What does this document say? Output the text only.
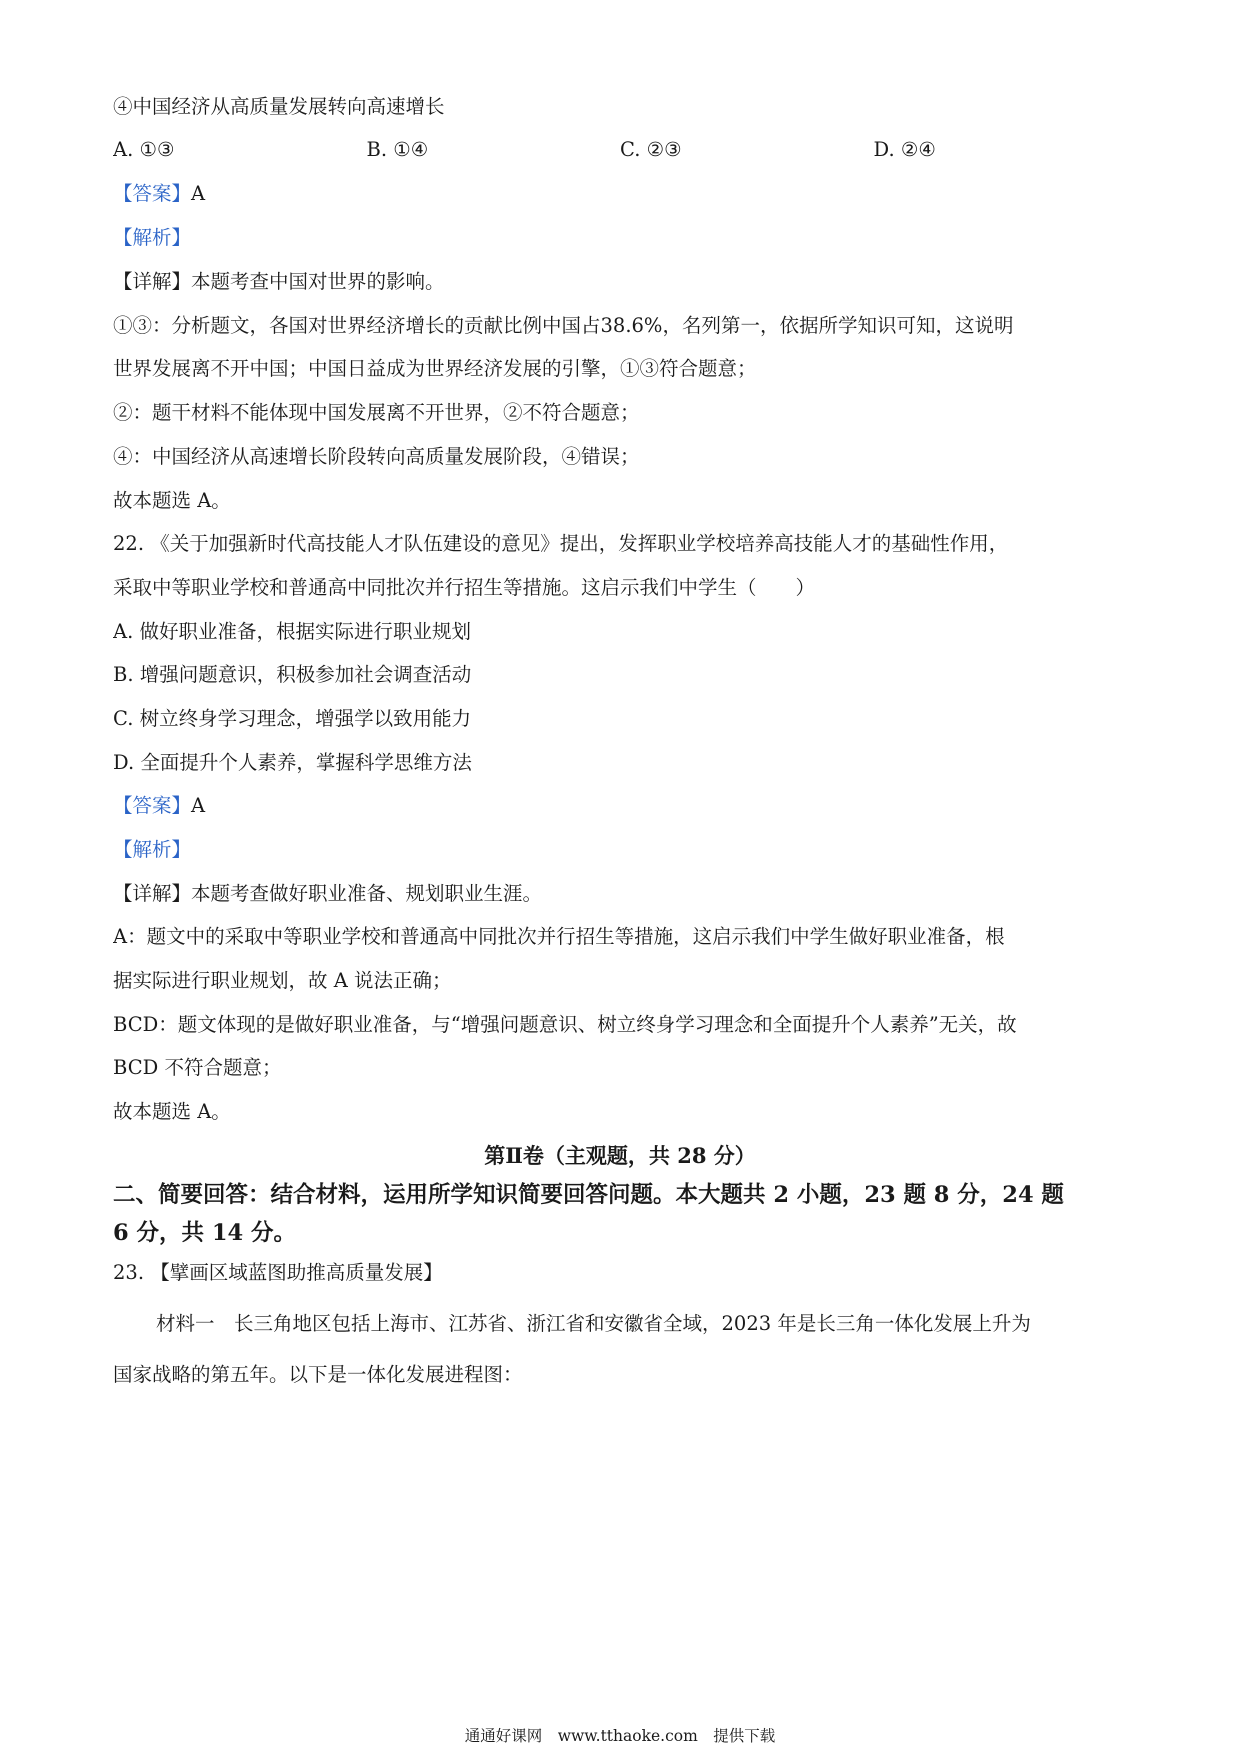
④中国经济从高质量发展转向高速增长
A. ①③	B. ①④	C. ②③	D. ②④
【答案】A
【解析】
【详解】本题考查中国对世界的影响。
①③：分析题文，各国对世界经济增长的贡献比例中国占38.6%，名列第一，依据所学知识可知，这说明
世界发展离不开中国；中国日益成为世界经济发展的引擎，①③符合题意；
②：题干材料不能体现中国发展离不开世界，②不符合题意；
④：中国经济从高速增长阶段转向高质量发展阶段，④错误；
故本题选 A。
22. 《关于加强新时代高技能人才队伍建设的意见》提出，发挥职业学校培养高技能人才的基础性作用，
采取中等职业学校和普通高中同批次并行招生等措施。这启示我们中学生（　　）
A. 做好职业准备，根据实际进行职业规划
B. 增强问题意识，积极参加社会调查活动
C. 树立终身学习理念，增强学以致用能力
D. 全面提升个人素养，掌握科学思维方法
【答案】A
【解析】
【详解】本题考查做好职业准备、规划职业生涯。
A：题文中的采取中等职业学校和普通高中同批次并行招生等措施，这启示我们中学生做好职业准备，根
据实际进行职业规划，故 A 说法正确；
BCD：题文体现的是做好职业准备，与“增强问题意识、树立终身学习理念和全面提升个人素养”无关，故
BCD 不符合题意；
故本题选 A。
第Ⅱ卷（主观题，共 28 分）
二、简要回答：结合材料，运用所学知识简要回答问题。本大题共 2 小题，23 题 8 分，24 题
6 分，共 14 分。
23. 【擘画区域蓝图助推高质量发展】
材料一　长三角地区包括上海市、江苏省、浙江省和安徽省全域，2023 年是长三角一体化发展上升为
国家战略的第五年。以下是一体化发展进程图：
通通好课网　www.tthaoke.com　提供下载
